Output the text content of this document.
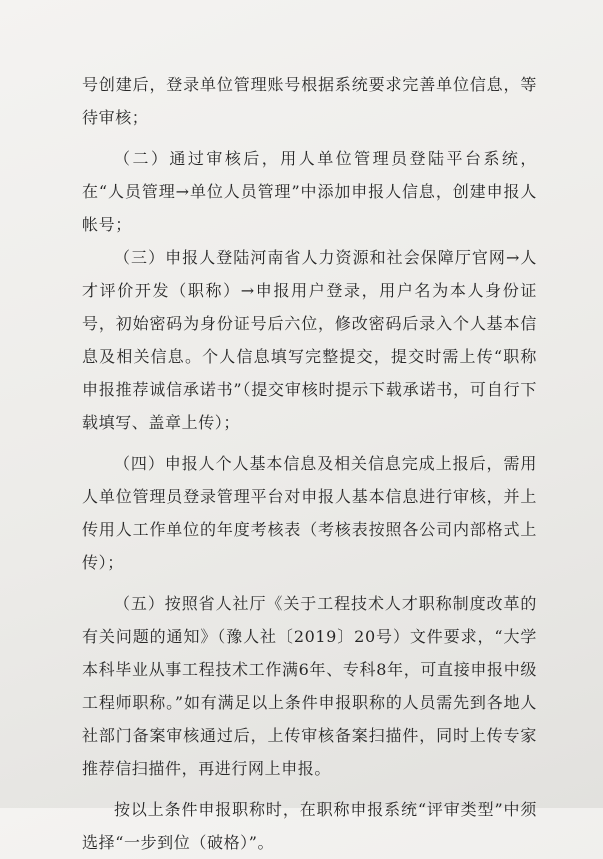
号创建后，登录单位管理账号根据系统要求完善单位信息，等待审核；

（二）通过审核后，用人单位管理员登陆平台系统，在“人员管理→单位人员管理”中添加申报人信息，创建申报人帐号；

（三）申报人登陆河南省人力资源和社会保障厅官网→人才评价开发（职称）→申报用户登录，用户名为本人身份证号，初始密码为身份证号后六位，修改密码后录入个人基本信息及相关信息。个人信息填写完整提交，提交时需上传“职称申报推荐诚信承诺书”（提交审核时提示下载承诺书，可自行下载填写、盖章上传）；

（四）申报人个人基本信息及相关信息完成上报后，需用人单位管理员登录管理平台对申报人基本信息进行审核，并上传用人工作单位的年度考核表（考核表按照各公司内部格式上传）；

（五）按照省人社厅《关于工程技术人才职称制度改革的有关问题的通知》（豫人社〔2019〕20号）文件要求，“大学本科毕业从事工程技术工作满6年、专科8年，可直接申报中级工程师职称。”如有满足以上条件申报职称的人员需先到各地人社部门备案审核通过后，上传审核备案扫描件，同时上传专家推荐信扫描件，再进行网上申报。

按以上条件申报职称时，在职称申报系统“评审类型”中须选择“一步到位（破格）”。
